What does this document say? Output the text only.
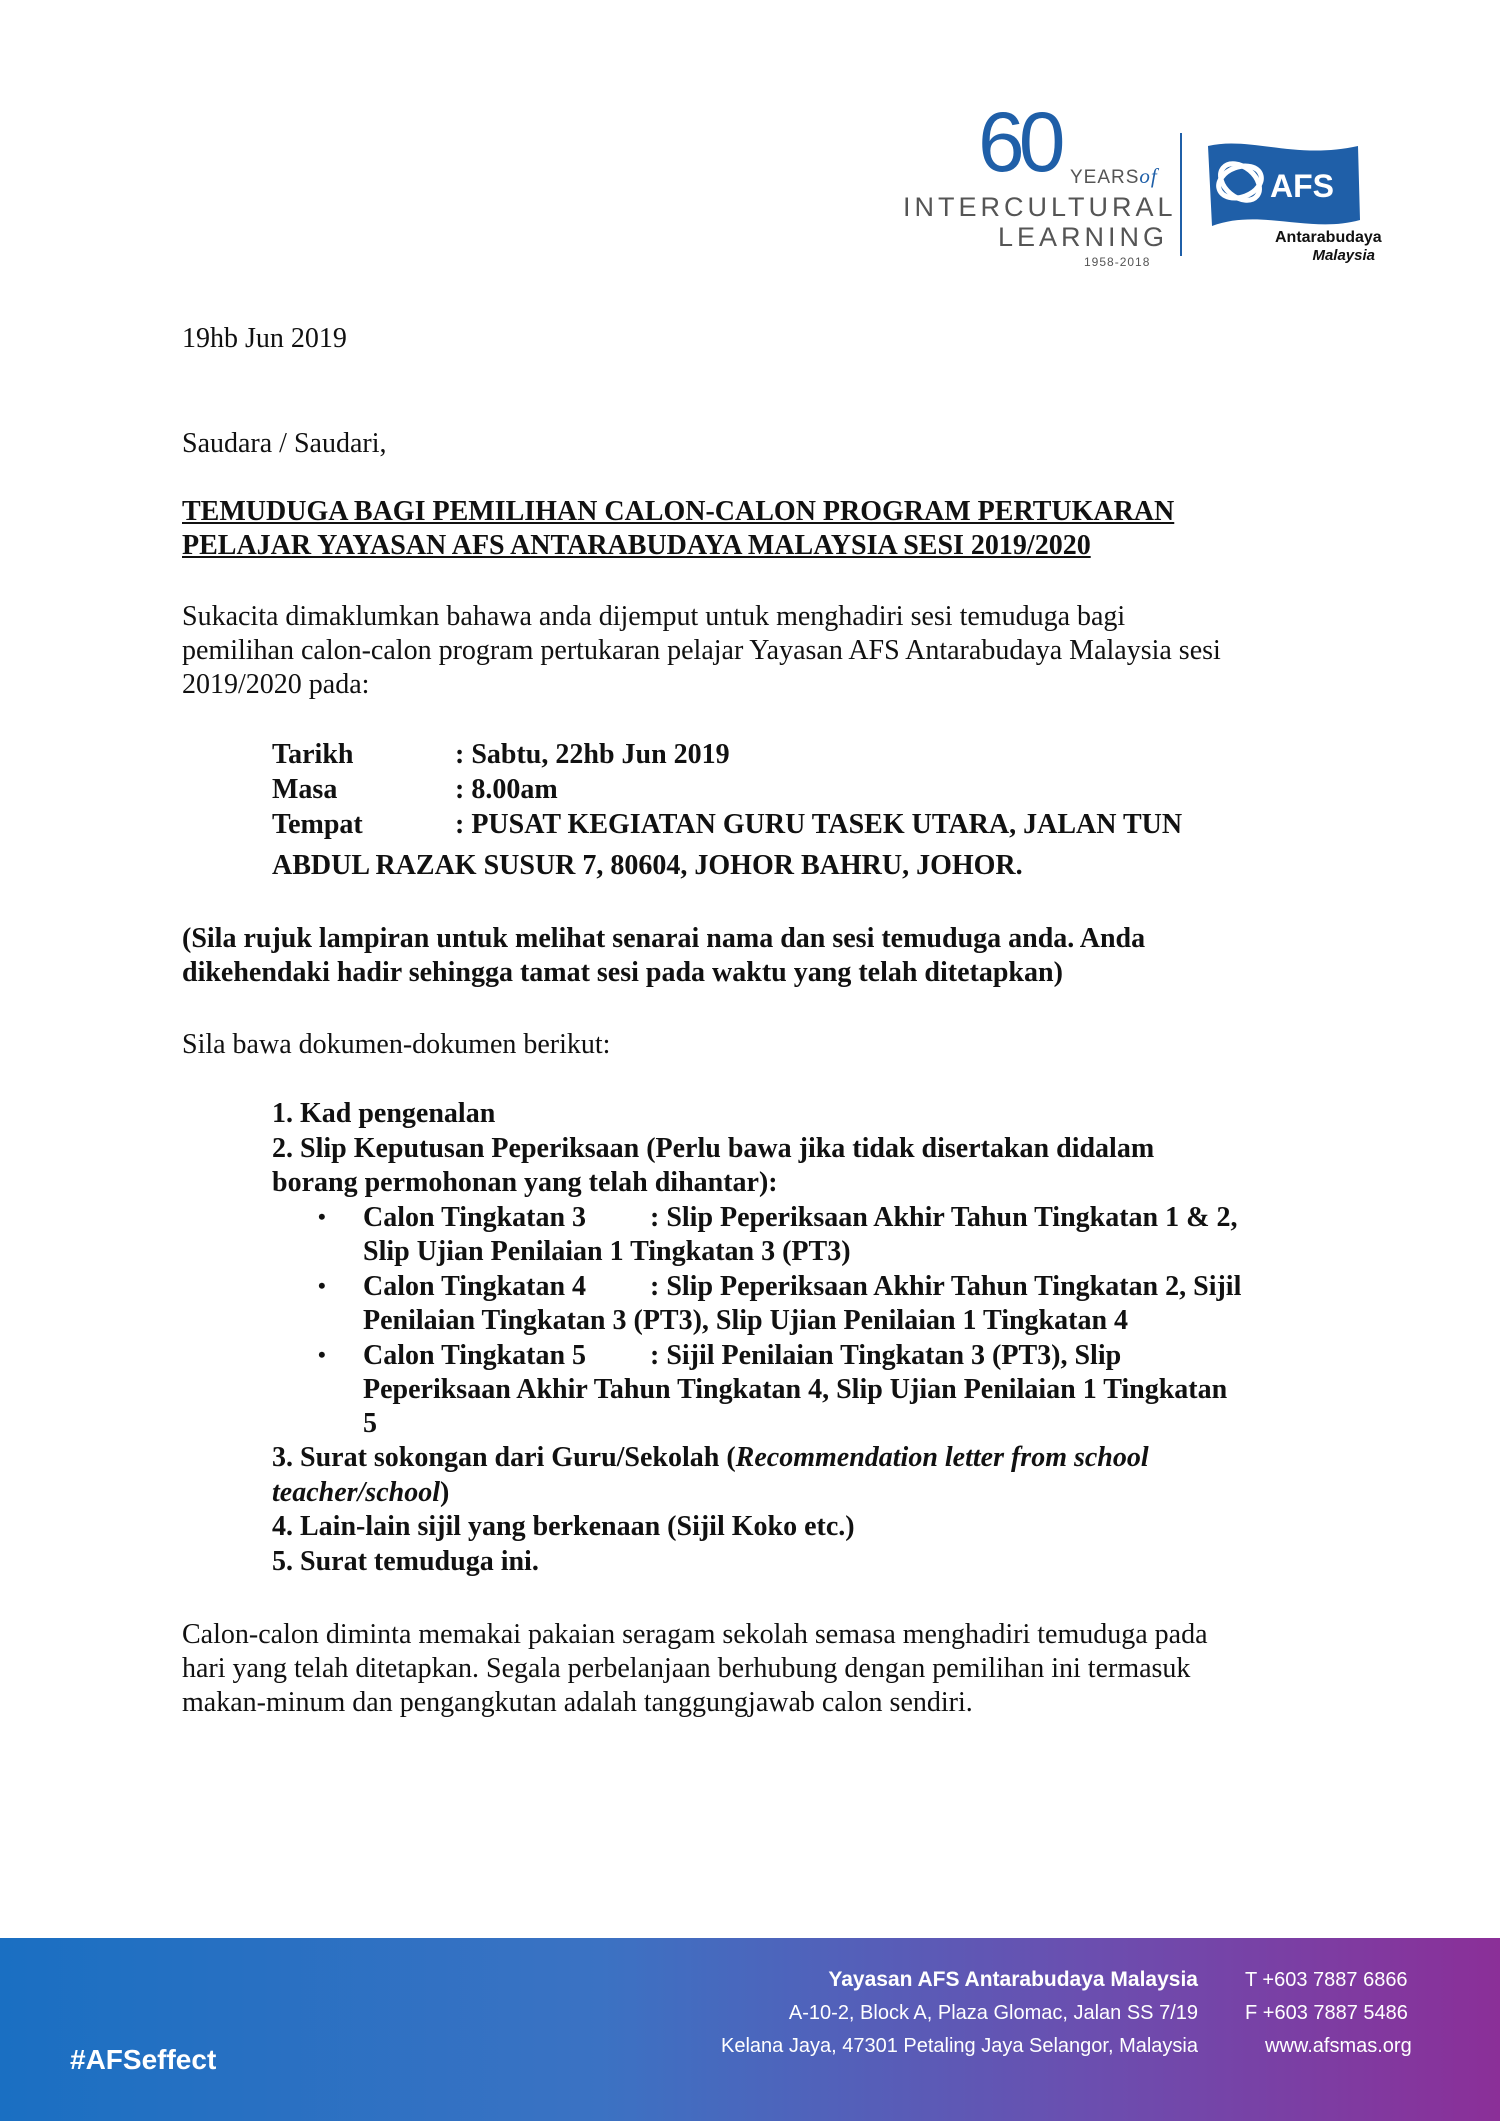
60 YEARSof
INTERCULTURAL
LEARNING
1958-2018
AFS
Antarabudaya
Malaysia
19hb Jun 2019
Saudara / Saudari,
TEMUDUGA BAGI PEMILIHAN CALON-CALON PROGRAM PERTUKARAN
PELAJAR YAYASAN AFS ANTARABUDAYA MALAYSIA SESI 2019/2020
Sukacita dimaklumkan bahawa anda dijemput untuk menghadiri sesi temuduga bagi
pemilihan calon-calon program pertukaran pelajar Yayasan AFS Antarabudaya Malaysia sesi
2019/2020 pada:
Tarikh	: Sabtu, 22hb Jun 2019
Masa	: 8.00am
Tempat	: PUSAT KEGIATAN GURU TASEK UTARA, JALAN TUN
ABDUL RAZAK SUSUR 7, 80604, JOHOR BAHRU, JOHOR.
(Sila rujuk lampiran untuk melihat senarai nama dan sesi temuduga anda. Anda
dikehendaki hadir sehingga tamat sesi pada waktu yang telah ditetapkan)
Sila bawa dokumen-dokumen berikut:
1. Kad pengenalan
2. Slip Keputusan Peperiksaan (Perlu bawa jika tidak disertakan didalam
borang permohonan yang telah dihantar):
• Calon Tingkatan 3 : Slip Peperiksaan Akhir Tahun Tingkatan 1 & 2,
Slip Ujian Penilaian 1 Tingkatan 3 (PT3)
• Calon Tingkatan 4 : Slip Peperiksaan Akhir Tahun Tingkatan 2, Sijil
Penilaian Tingkatan 3 (PT3), Slip Ujian Penilaian 1 Tingkatan 4
• Calon Tingkatan 5 : Sijil Penilaian Tingkatan 3 (PT3), Slip
Peperiksaan Akhir Tahun Tingkatan 4, Slip Ujian Penilaian 1 Tingkatan
5
3. Surat sokongan dari Guru/Sekolah (Recommendation letter from school
teacher/school)
4. Lain-lain sijil yang berkenaan (Sijil Koko etc.)
5. Surat temuduga ini.
Calon-calon diminta memakai pakaian seragam sekolah semasa menghadiri temuduga pada
hari yang telah ditetapkan. Segala perbelanjaan berhubung dengan pemilihan ini termasuk
makan-minum dan pengangkutan adalah tanggungjawab calon sendiri.
#AFSeffect
Yayasan AFS Antarabudaya Malaysia
A-10-2, Block A, Plaza Glomac, Jalan SS 7/19
Kelana Jaya, 47301 Petaling Jaya Selangor, Malaysia
T +603 7887 6866
F +603 7887 5486
www.afsmas.org
